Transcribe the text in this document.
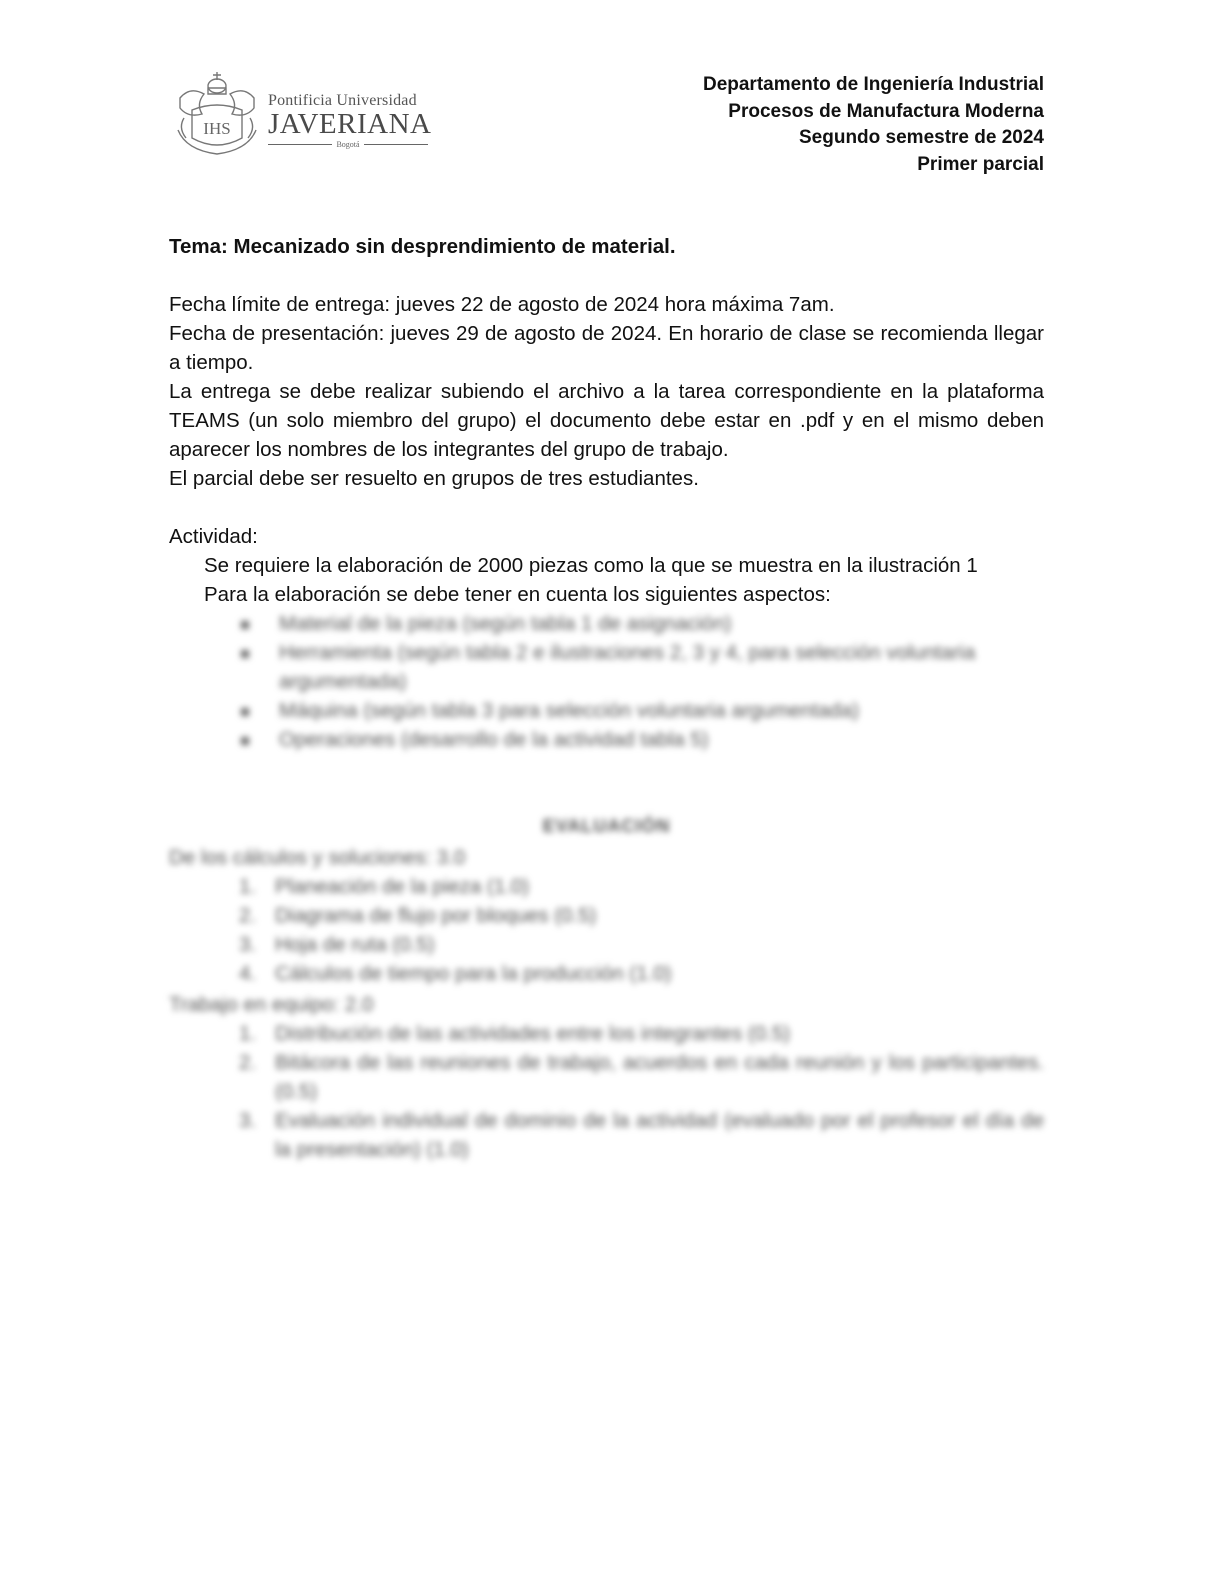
IHS
Pontificia Universidad
JAVERIANA
Bogotá
Departamento de Ingeniería Industrial
Procesos de Manufactura Moderna
Segundo semestre de 2024
Primer parcial
Tema: Mecanizado sin desprendimiento de material.
Fecha límite de entrega: jueves 22 de agosto de 2024 hora máxima 7am.
Fecha de presentación: jueves 29 de agosto de 2024. En horario de clase se recomienda llegar a tiempo.
La entrega se debe realizar subiendo el archivo a la tarea correspondiente en la plataforma TEAMS (un solo miembro del grupo) el documento debe estar en .pdf y en el mismo deben aparecer los nombres de los integrantes del grupo de trabajo.
El parcial debe ser resuelto en grupos de tres estudiantes.
Actividad:
Se requiere la elaboración de 2000 piezas como la que se muestra en la ilustración 1
Para la elaboración se debe tener en cuenta los siguientes aspectos:
Material de la pieza (según tabla 1 de asignación)
Herramienta (según tabla 2 e ilustraciones 2, 3 y 4, para selección voluntaria argumentada)
Máquina (según tabla 3 para selección voluntaria argumentada)
Operaciones (desarrollo de la actividad tabla 5)
EVALUACIÓN
De los cálculos y soluciones: 3.0
Planeación de la pieza (1.0)
Diagrama de flujo por bloques (0.5)
Hoja de ruta (0.5)
Cálculos de tiempo para la producción (1.0)
Trabajo en equipo: 2.0
Distribución de las actividades entre los integrantes (0.5)
Bitácora de las reuniones de trabajo, acuerdos en cada reunión y los participantes. (0.5)
Evaluación individual de dominio de la actividad (evaluado por el profesor el día de la presentación) (1.0)
